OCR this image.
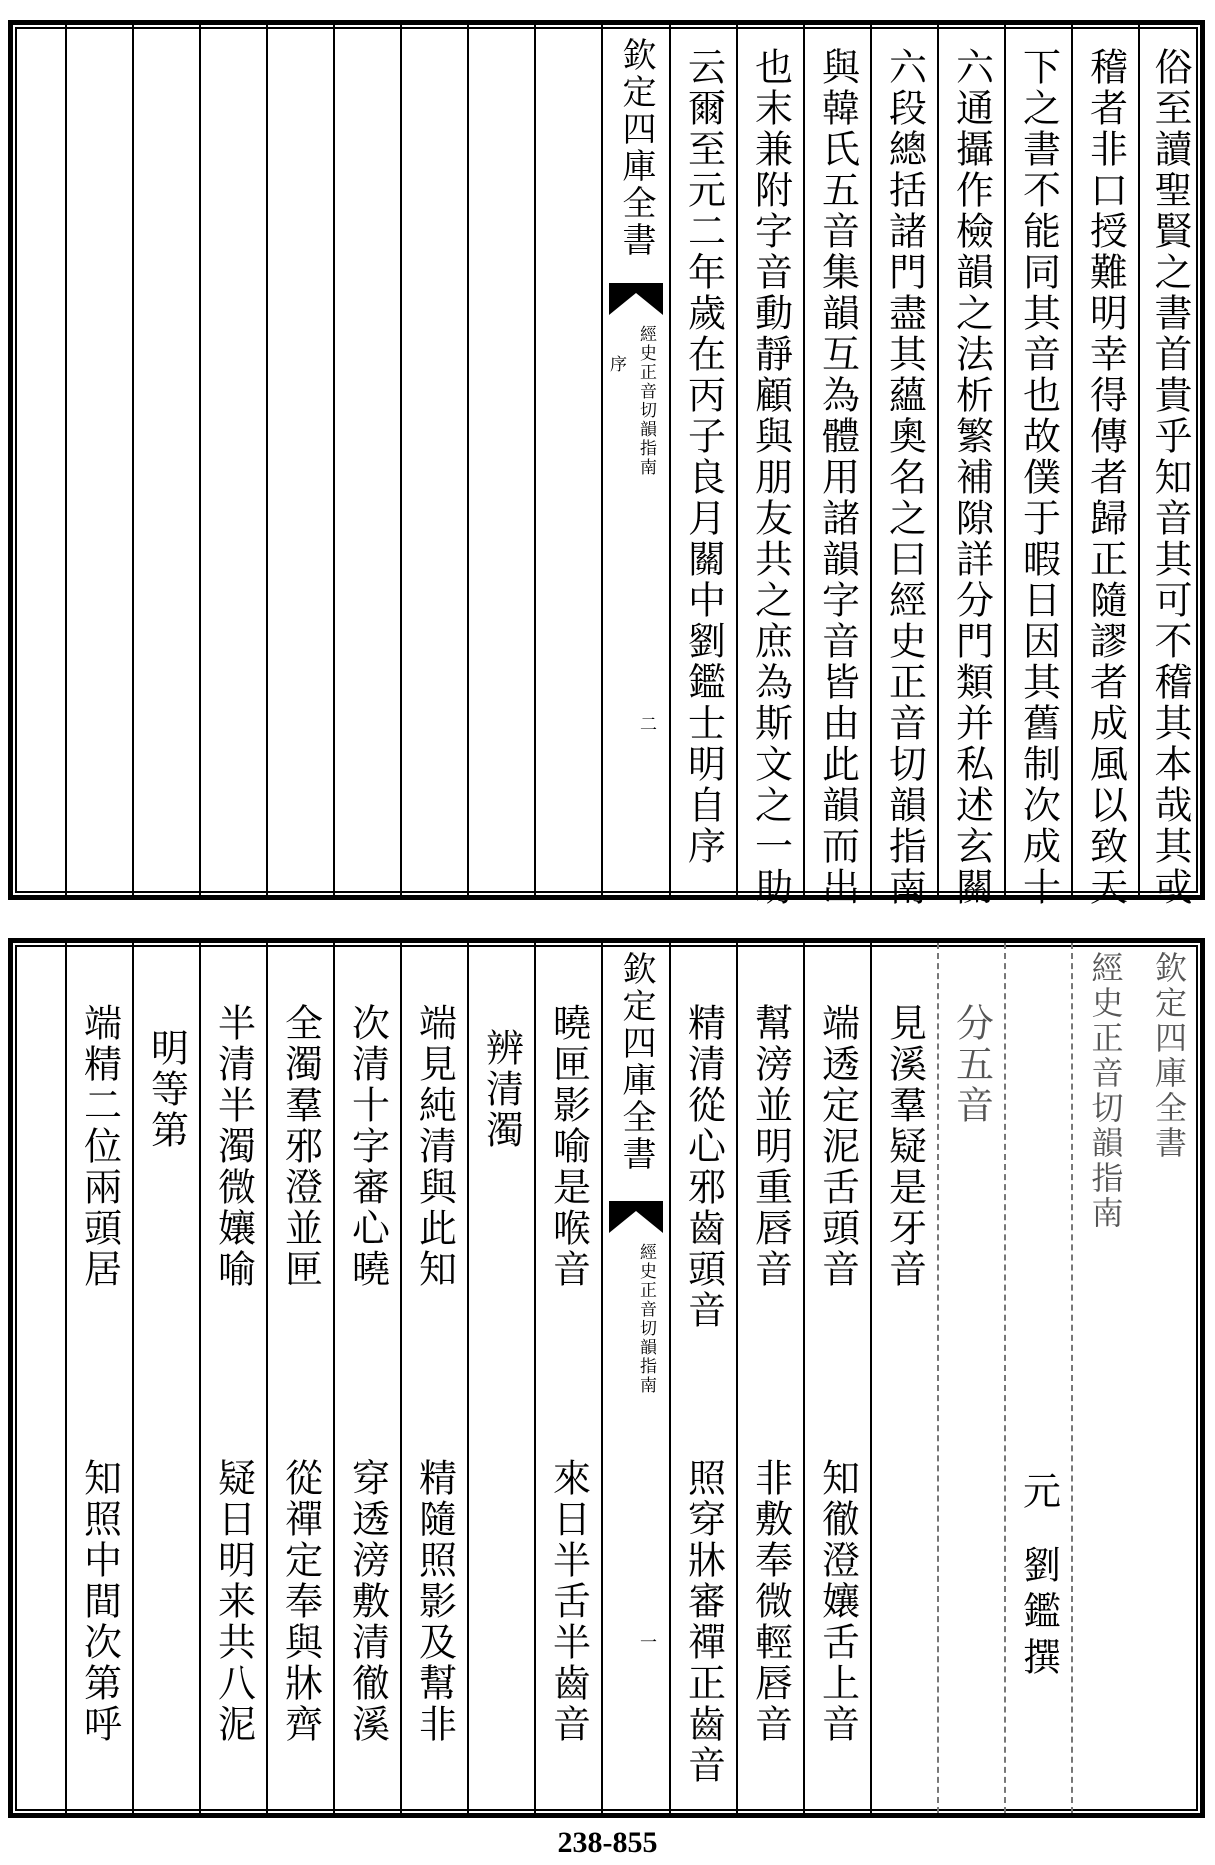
俗至讀聖賢之書首貴乎知音其可不稽其本哉其或
稽者非口授難明幸得傳者歸正隨謬者成風以致天
下之書不能同其音也故僕于暇日因其舊制次成十
六通攝作檢韻之法析繁補隙詳分門類并私述玄關
六段總括諸門盡其蘊奧名之曰經史正音切韻指南
與韓氏五音集韻互為體用諸韻字音皆由此韻而出
也末兼附字音動靜顧與朋友共之庶為斯文之一助
云爾至元二年歲在丙子良月關中劉鑑士明自序
欽定四庫全書
序 經史正音切韻指南
二
欽定四庫全書
經史正音切韻指南
元
劉鑑
撰
分五音
見溪羣疑是牙音
端透定泥舌頭音
知徹澄孃舌上音
幫滂並明重唇音
非敷奉微輕唇音
精清從心邪齒頭音
照穿牀審禪正齒音
欽定四庫全書
經史正音切韻指南
一
曉匣影喻是喉音
來日半舌半齒音
辨清濁
端見純清與此知
精隨照影及幫非
次清十字審心曉
穿透滂敷清徹溪
全濁羣邪澄並匣
從禪定奉與牀齊
半清半濁微孃喻
疑日明来共八泥
明等第
端精二位兩頭居
知照中間次第呼
238-855
